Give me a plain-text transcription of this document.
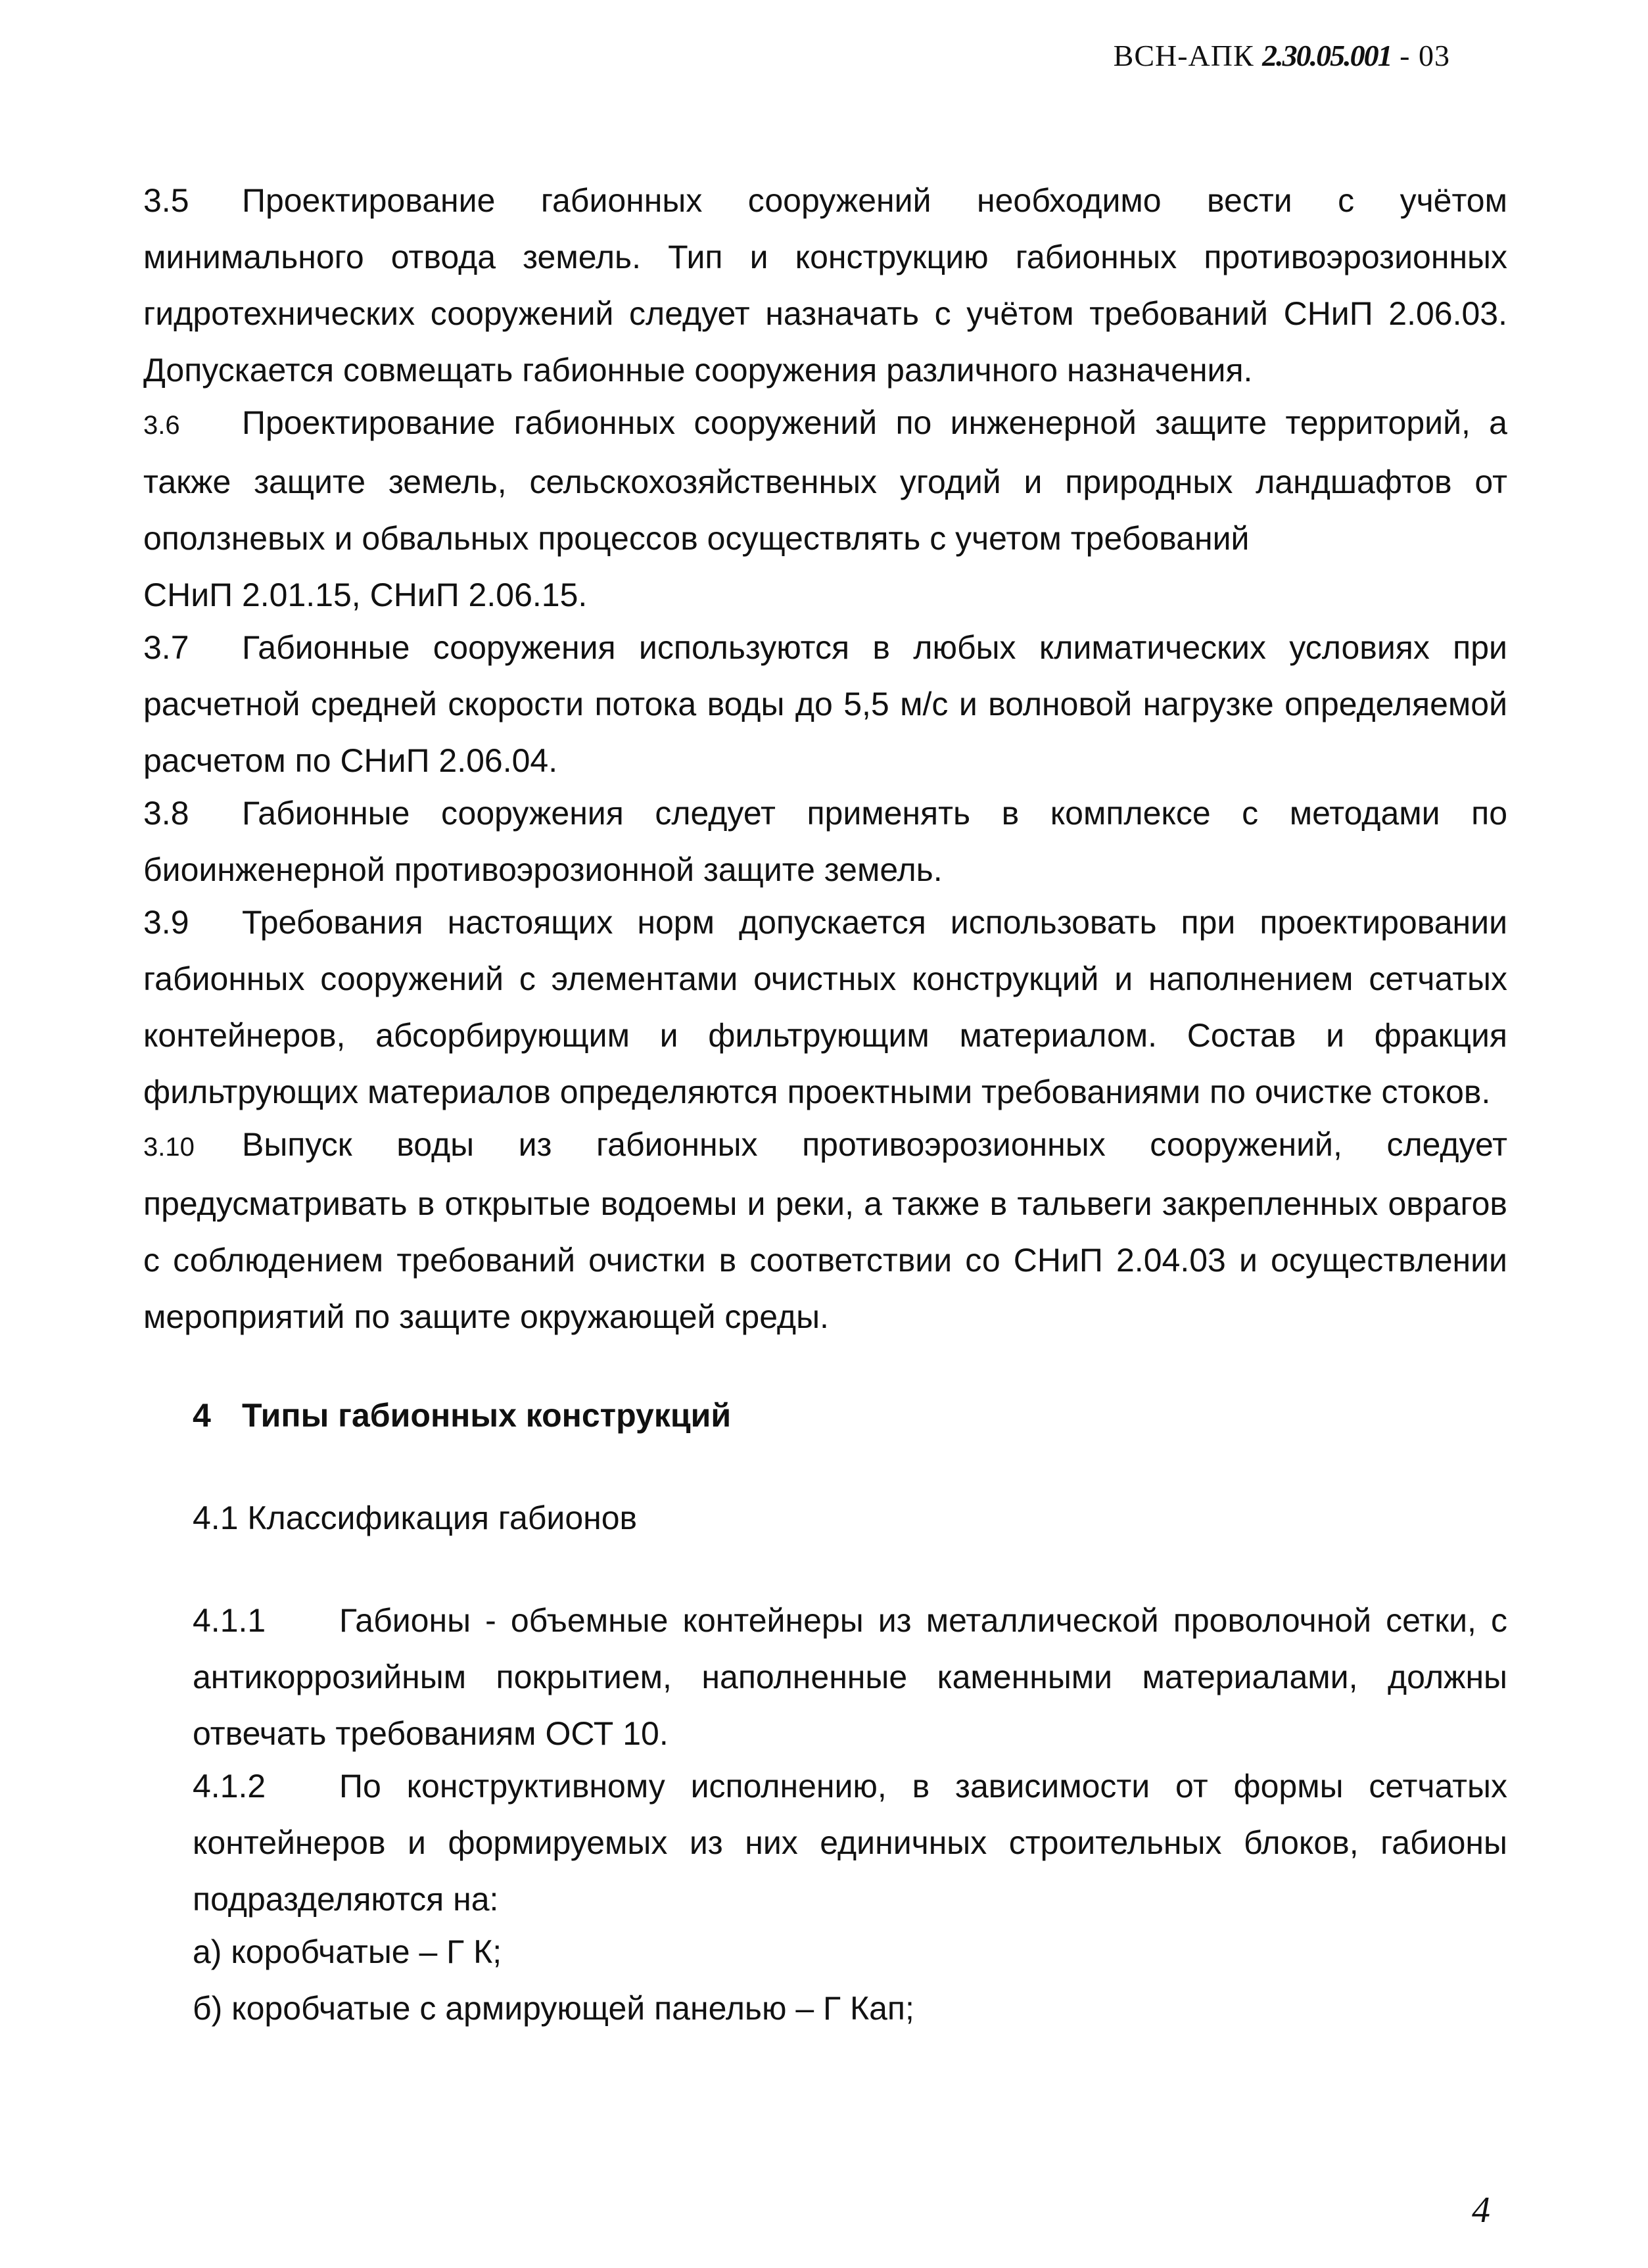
ВСН-АПК 2.30.05.001 - 03

3.5 Проектирование габионных сооружений необходимо вести с учётом минимального отвода земель. Тип и конструкцию габионных противоэрозионных гидротехнических сооружений следует назначать с учётом требований СНиП 2.06.03. Допускается совмещать габионные сооружения различного назначения.

3.6 Проектирование габионных сооружений по инженерной защите территорий, а также защите земель, сельскохозяйственных угодий и природных ландшафтов от оползневых и обвальных процессов осуществлять с учетом требований
СНиП 2.01.15, СНиП 2.06.15.

3.7 Габионные сооружения используются в любых климатических условиях при расчетной средней скорости потока воды до 5,5 м/с и волновой нагрузке определяемой расчетом по СНиП 2.06.04.

3.8 Габионные сооружения следует применять в комплексе с методами по биоинженерной противоэрозионной защите земель.

3.9 Требования настоящих норм допускается использовать при проектировании габионных сооружений с элементами очистных конструкций и наполнением сетчатых контейнеров, абсорбирующим и фильтрующим материалом. Состав и фракция фильтрующих материалов определяются проектными требованиями по очистке стоков.

3.10 Выпуск воды из габионных противоэрозионных сооружений, следует предусматривать в открытые водоемы и реки, а также в тальвеги закрепленных оврагов с соблюдением требований очистки в соответствии со СНиП 2.04.03 и осуществлении мероприятий по защите окружающей среды.

4 Типы габионных конструкций
4.1 Классификация габионов

4.1.1 Габионы - объемные контейнеры из металлической проволочной сетки, с антикоррозийным покрытием, наполненные каменными материалами, должны отвечать требованиям ОСТ 10.

4.1.2 По конструктивному исполнению, в зависимости от формы сетчатых контейнеров и формируемых из них единичных строительных блоков, габионы подразделяются на:

а) коробчатые – Г К;

б) коробчатые с армирующей панелью – Г Кап;

4
